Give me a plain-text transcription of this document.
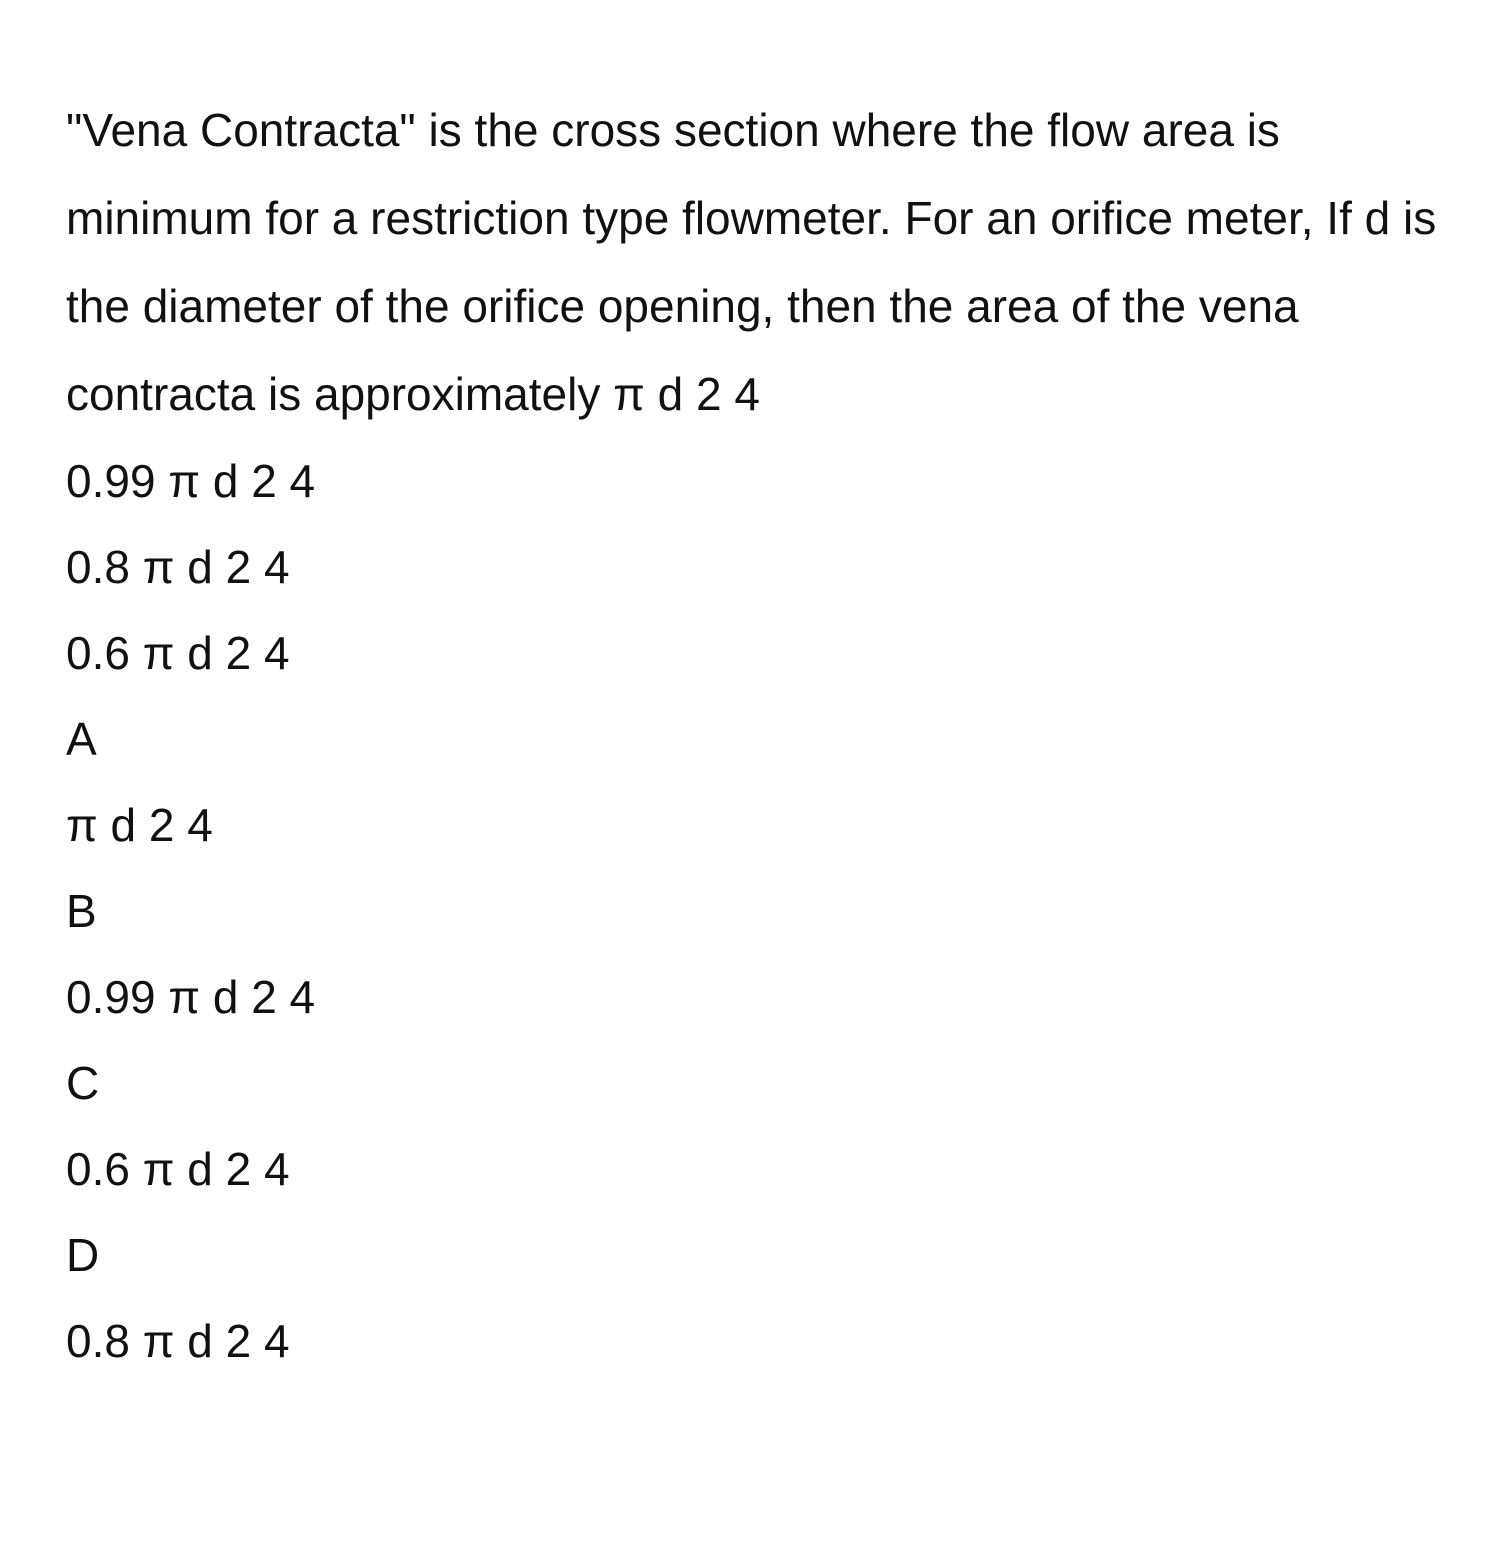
"Vena Contracta" is the cross section where the flow area is minimum for a restriction type flowmeter. For an orifice meter, If d is the diameter of the orifice opening, then the area of the vena contracta is approximately π d 2 4

0.99 π d 2 4
0.8 π d 2 4
0.6 π d 2 4
A
π d 2 4
B
0.99 π d 2 4
C
0.6 π d 2 4
D
0.8 π d 2 4
